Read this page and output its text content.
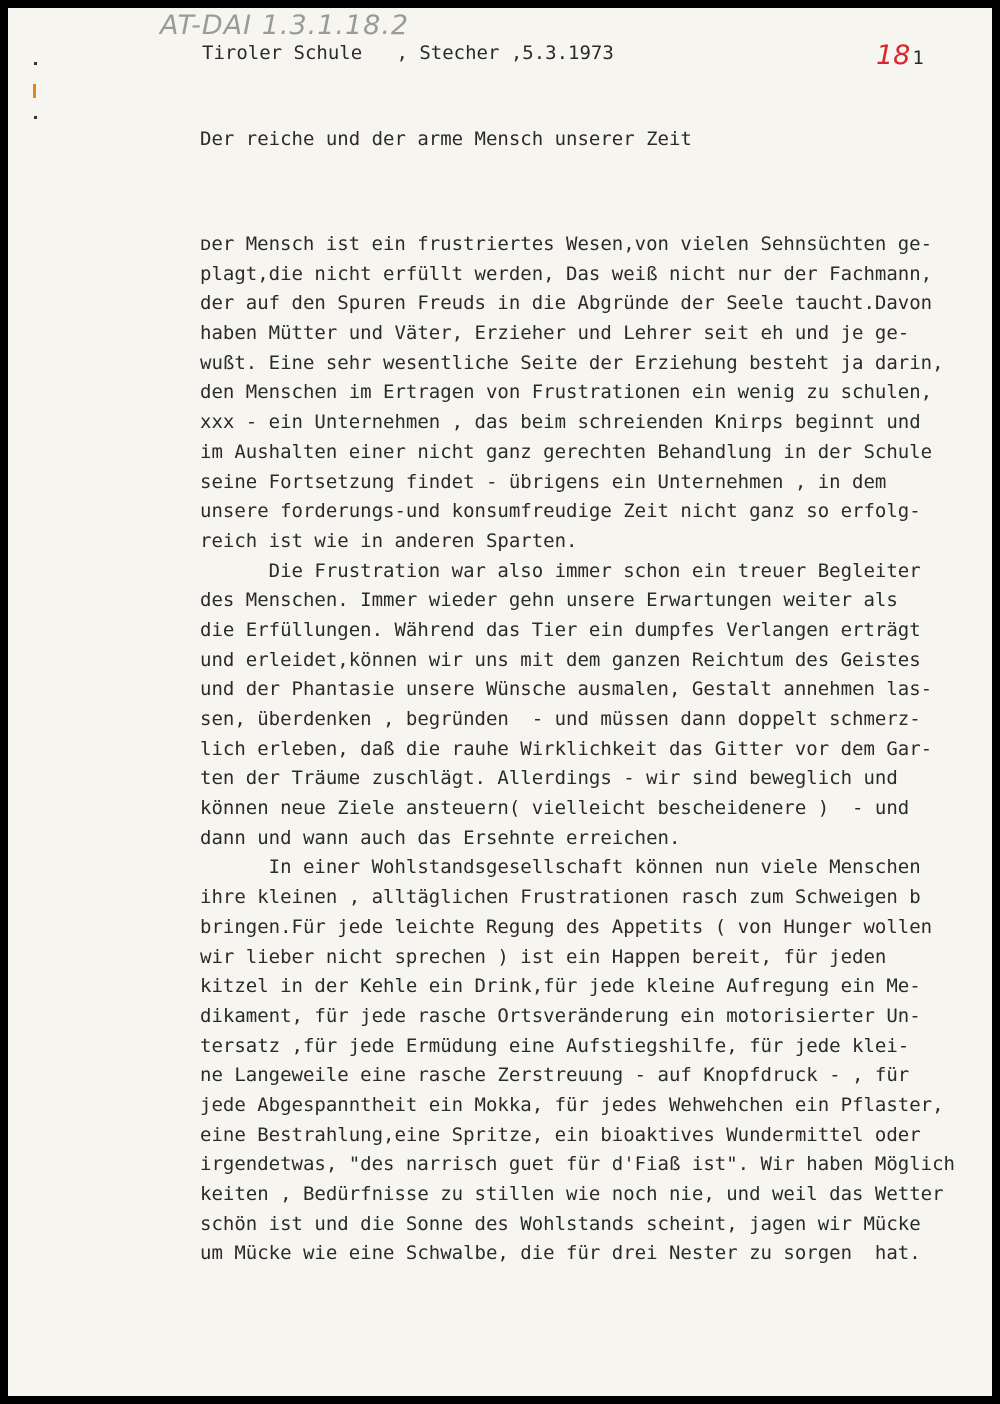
AT-DAI 1.3.1.18.2
Tiroler Schule   , Stecher ,5.3.1973	18 1
Der reiche und der arme Mensch unserer Zeit
ᴅer Mensch ist ein frustriertes Wesen,von vielen Sehnsüchten ge-
plagt,die nicht erfüllt werden, Das weiß nicht nur der Fachmann,
der auf den Spuren Freuds in die Abgründe der Seele taucht.Davon
haben Mütter und Väter, Erzieher und Lehrer seit eh und je ge-
wußt. Eine sehr wesentliche Seite der Erziehung besteht ja darin,
den Menschen im Ertragen von Frustrationen ein wenig zu schulen,
xxx - ein Unternehmen , das beim schreienden Knirps beginnt und
im Aushalten einer nicht ganz gerechten Behandlung in der Schule
seine Fortsetzung findet - übrigens ein Unternehmen , in dem
unsere forderungs-und konsumfreudige Zeit nicht ganz so erfolg-
reich ist wie in anderen Sparten.
Die Frustration war also immer schon ein treuer Begleiter
des Menschen. Immer wieder gehn unsere Erwartungen weiter als
die Erfüllungen. Während das Tier ein dumpfes Verlangen erträgt
und erleidet,können wir uns mit dem ganzen Reichtum des Geistes
und der Phantasie unsere Wünsche ausmalen, Gestalt annehmen las-
sen, überdenken , begründen  - und müssen dann doppelt schmerz-
lich erleben, daß die rauhe Wirklichkeit das Gitter vor dem Gar-
ten der Träume zuschlägt. Allerdings - wir sind beweglich und
können neue Ziele ansteuern( vielleicht bescheidenere )  - und
dann und wann auch das Ersehnte erreichen.
In einer Wohlstandsgesellschaft können nun viele Menschen
ihre kleinen , alltäglichen Frustrationen rasch zum Schweigen b
bringen.Für jede leichte Regung des Appetits ( von Hunger wollen
wir lieber nicht sprechen ) ist ein Happen bereit, für jeden
kitzel in der Kehle ein Drink,für jede kleine Aufregung ein Me-
dikament, für jede rasche Ortsveränderung ein motorisierter Un-
tersatz ,für jede Ermüdung eine Aufstiegshilfe, für jede klei-
ne Langeweile eine rasche Zerstreuung - auf Knopfdruck - , für
jede Abgespanntheit ein Mokka, für jedes Wehwehchen ein Pflaster,
eine Bestrahlung,eine Spritze, ein bioaktives Wundermittel oder
irgendetwas, "des narrisch guet für d'Fiaß ist". Wir haben Möglich
keiten , Bedürfnisse zu stillen wie noch nie, und weil das Wetter
schön ist und die Sonne des Wohlstands scheint, jagen wir Mücke
um Mücke wie eine Schwalbe, die für drei Nester zu sorgen  hat.
